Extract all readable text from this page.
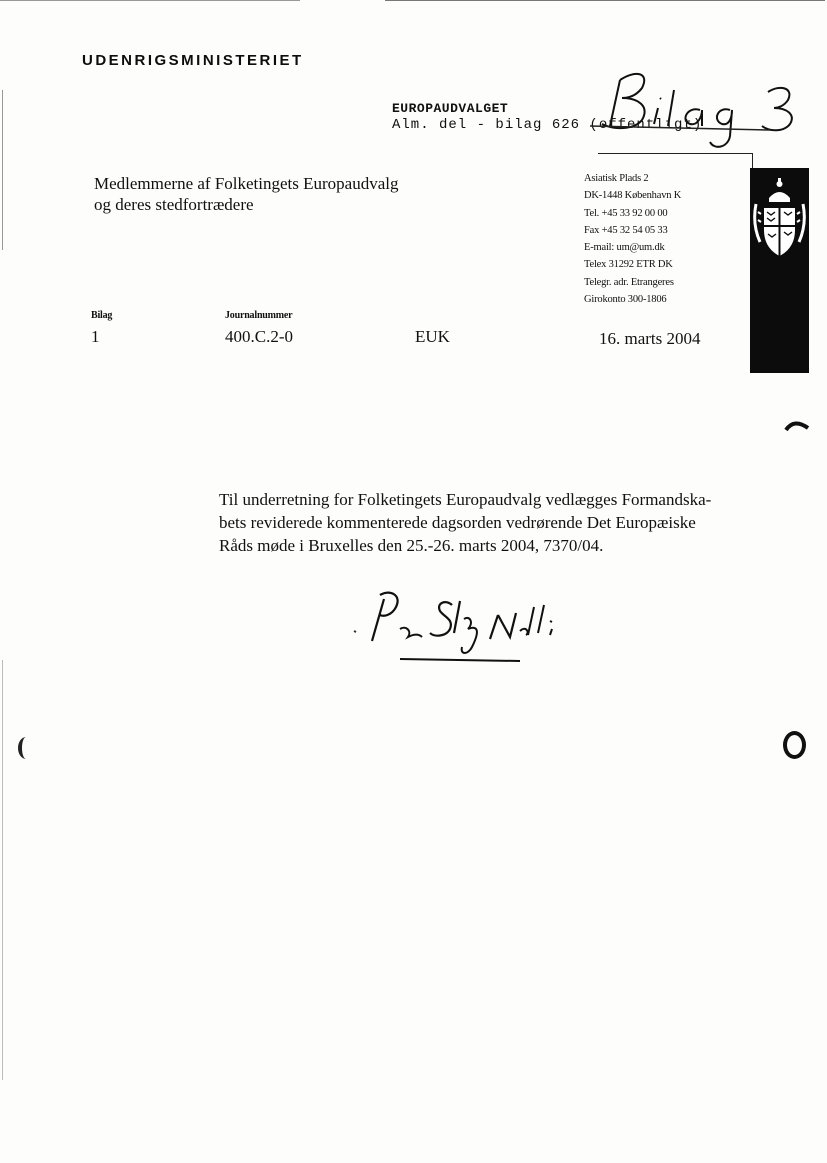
UDENRIGSMINISTERIET
EUROPAUDVALGET
Alm. del - bilag 626 (offentligt)
Medlemmerne af Folketingets Europaudvalg
og deres stedfortrædere
Asiatisk Plads 2
DK-1448 København K
Tel. +45 33 92 00 00
Fax +45 32 54 05 33
E-mail: um@um.dk
Telex 31292 ETR DK
Telegr. adr. Etrangeres
Girokonto 300-1806
Bilag
1
Journalnummer
400.C.2-0	EUK	16. marts 2004
Til underretning for Folketingets Europaudvalg vedlægges Formandska-
bets reviderede kommenterede dagsorden vedrørende Det Europæiske
Råds møde i Bruxelles den 25.-26. marts 2004, 7370/04.
